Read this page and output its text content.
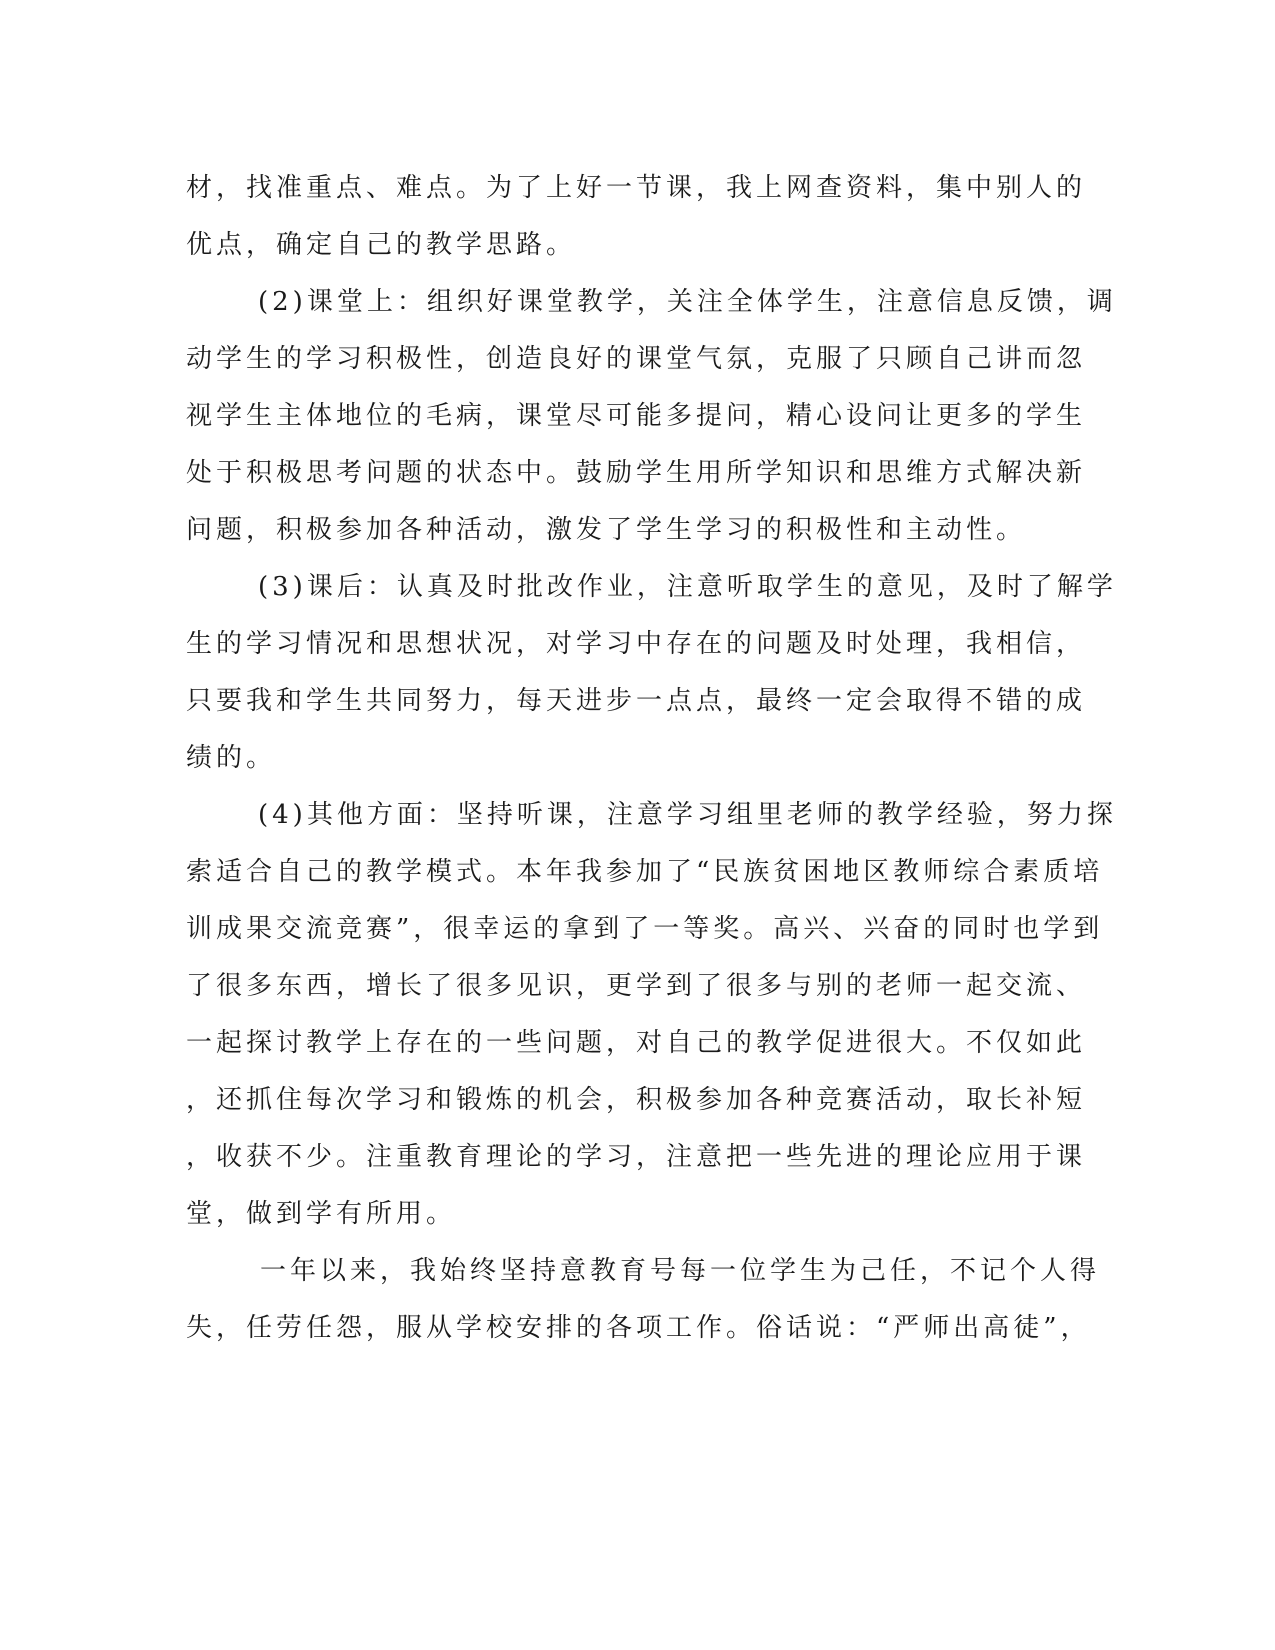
材，找准重点、难点。为了上好一节课，我上网查资料，集中别人的
优点，确定自己的教学思路。
(2)课堂上：组织好课堂教学，关注全体学生，注意信息反馈，调
动学生的学习积极性，创造良好的课堂气氛，克服了只顾自己讲而忽
视学生主体地位的毛病，课堂尽可能多提问，精心设问让更多的学生
处于积极思考问题的状态中。鼓励学生用所学知识和思维方式解决新
问题，积极参加各种活动，激发了学生学习的积极性和主动性。
(3)课后：认真及时批改作业，注意听取学生的意见，及时了解学
生的学习情况和思想状况，对学习中存在的问题及时处理，我相信，
只要我和学生共同努力，每天进步一点点，最终一定会取得不错的成
绩的。
(4)其他方面：坚持听课，注意学习组里老师的教学经验，努力探
索适合自己的教学模式。本年我参加了“民族贫困地区教师综合素质培
训成果交流竞赛”，很幸运的拿到了一等奖。高兴、兴奋的同时也学到
了很多东西，增长了很多见识，更学到了很多与别的老师一起交流、
一起探讨教学上存在的一些问题，对自己的教学促进很大。不仅如此
，还抓住每次学习和锻炼的机会，积极参加各种竞赛活动，取长补短
，收获不少。注重教育理论的学习，注意把一些先进的理论应用于课
堂，做到学有所用。
一年以来，我始终坚持意教育号每一位学生为己任，不记个人得
失，任劳任怨，服从学校安排的各项工作。俗话说：“严师出高徒”，
